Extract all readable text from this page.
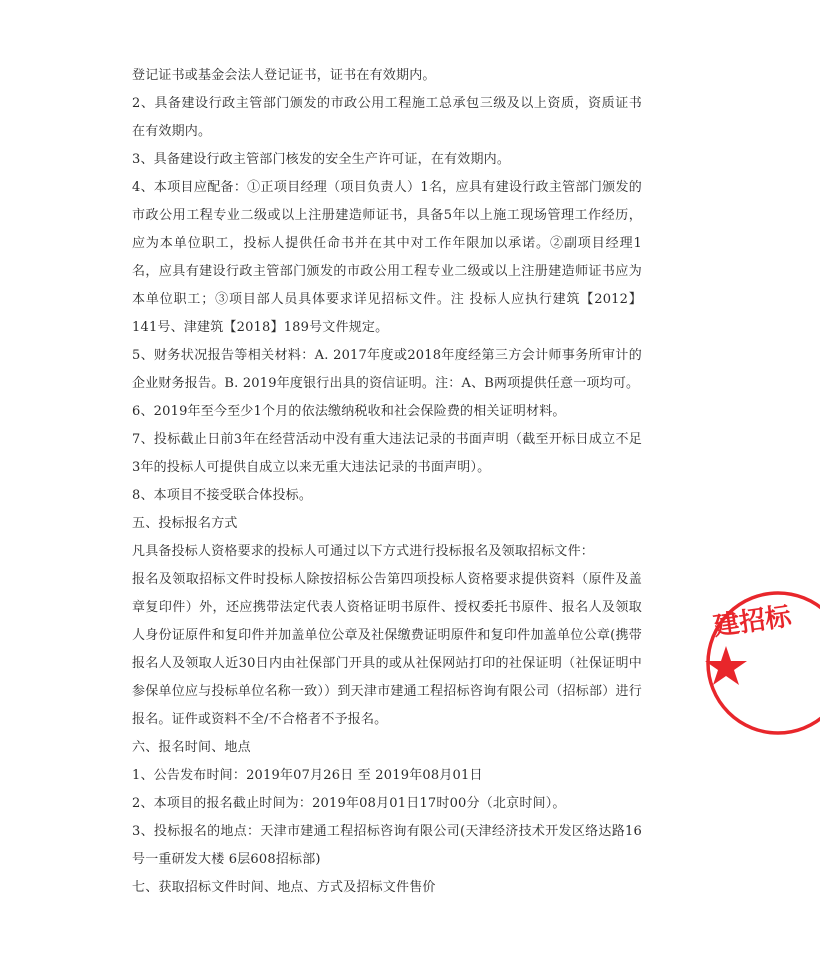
登记证书或基金会法人登记证书，证书在有效期内。
2、具备建设行政主管部门颁发的市政公用工程施工总承包三级及以上资质，资质证书在有效期内。
3、具备建设行政主管部门核发的安全生产许可证，在有效期内。
4、本项目应配备：①正项目经理（项目负责人）1名，应具有建设行政主管部门颁发的市政公用工程专业二级或以上注册建造师证书，具备5年以上施工现场管理工作经历，应为本单位职工，投标人提供任命书并在其中对工作年限加以承诺。②副项目经理1名，应具有建设行政主管部门颁发的市政公用工程专业二级或以上注册建造师证书应为本单位职工；③项目部人员具体要求详见招标文件。注 投标人应执行建筑【2012】141号、津建筑【2018】189号文件规定。
5、财务状况报告等相关材料：A. 2017年度或2018年度经第三方会计师事务所审计的企业财务报告。B. 2019年度银行出具的资信证明。注：A、B两项提供任意一项均可。
6、2019年至今至少1个月的依法缴纳税收和社会保险费的相关证明材料。
7、投标截止日前3年在经营活动中没有重大违法记录的书面声明（截至开标日成立不足3年的投标人可提供自成立以来无重大违法记录的书面声明）。
8、本项目不接受联合体投标。
五、投标报名方式
凡具备投标人资格要求的投标人可通过以下方式进行投标报名及领取招标文件：
报名及领取招标文件时投标人除按招标公告第四项投标人资格要求提供资料（原件及盖章复印件）外，还应携带法定代表人资格证明书原件、授权委托书原件、报名人及领取人身份证原件和复印件并加盖单位公章及社保缴费证明原件和复印件加盖单位公章(携带报名人及领取人近30日内由社保部门开具的或从社保网站打印的社保证明（社保证明中参保单位应与投标单位名称一致））到天津市建通工程招标咨询有限公司（招标部）进行报名。证件或资料不全/不合格者不予报名。
六、报名时间、地点
1、公告发布时间：2019年07月26日 至 2019年08月01日
2、本项目的报名截止时间为：2019年08月01日17时00分（北京时间）。
3、投标报名的地点：天津市建通工程招标咨询有限公司(天津经济技术开发区络达路16号一重研发大楼 6层608招标部)
七、获取招标文件时间、地点、方式及招标文件售价
建招标
